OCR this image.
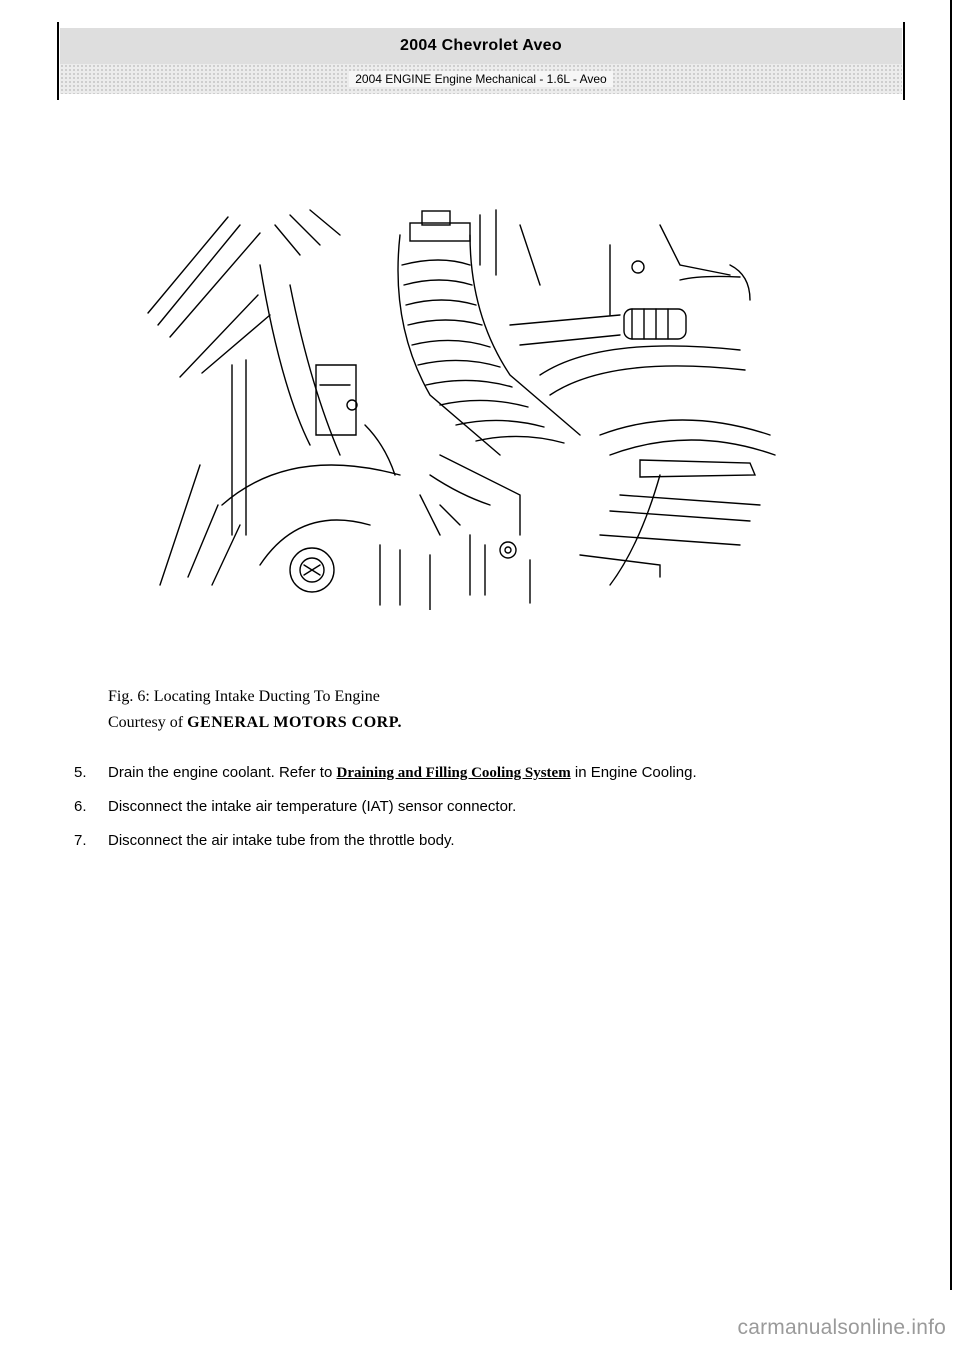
2004 Chevrolet Aveo
2004 ENGINE Engine Mechanical - 1.6L - Aveo
Fig. 6: Locating Intake Ducting To Engine
Courtesy of GENERAL MOTORS CORP.
5.	Drain the engine coolant. Refer to Draining and Filling Cooling System in Engine Cooling.
6.	Disconnect the intake air temperature (IAT) sensor connector.
7.	Disconnect the air intake tube from the throttle body.
carmanualsonline.info
